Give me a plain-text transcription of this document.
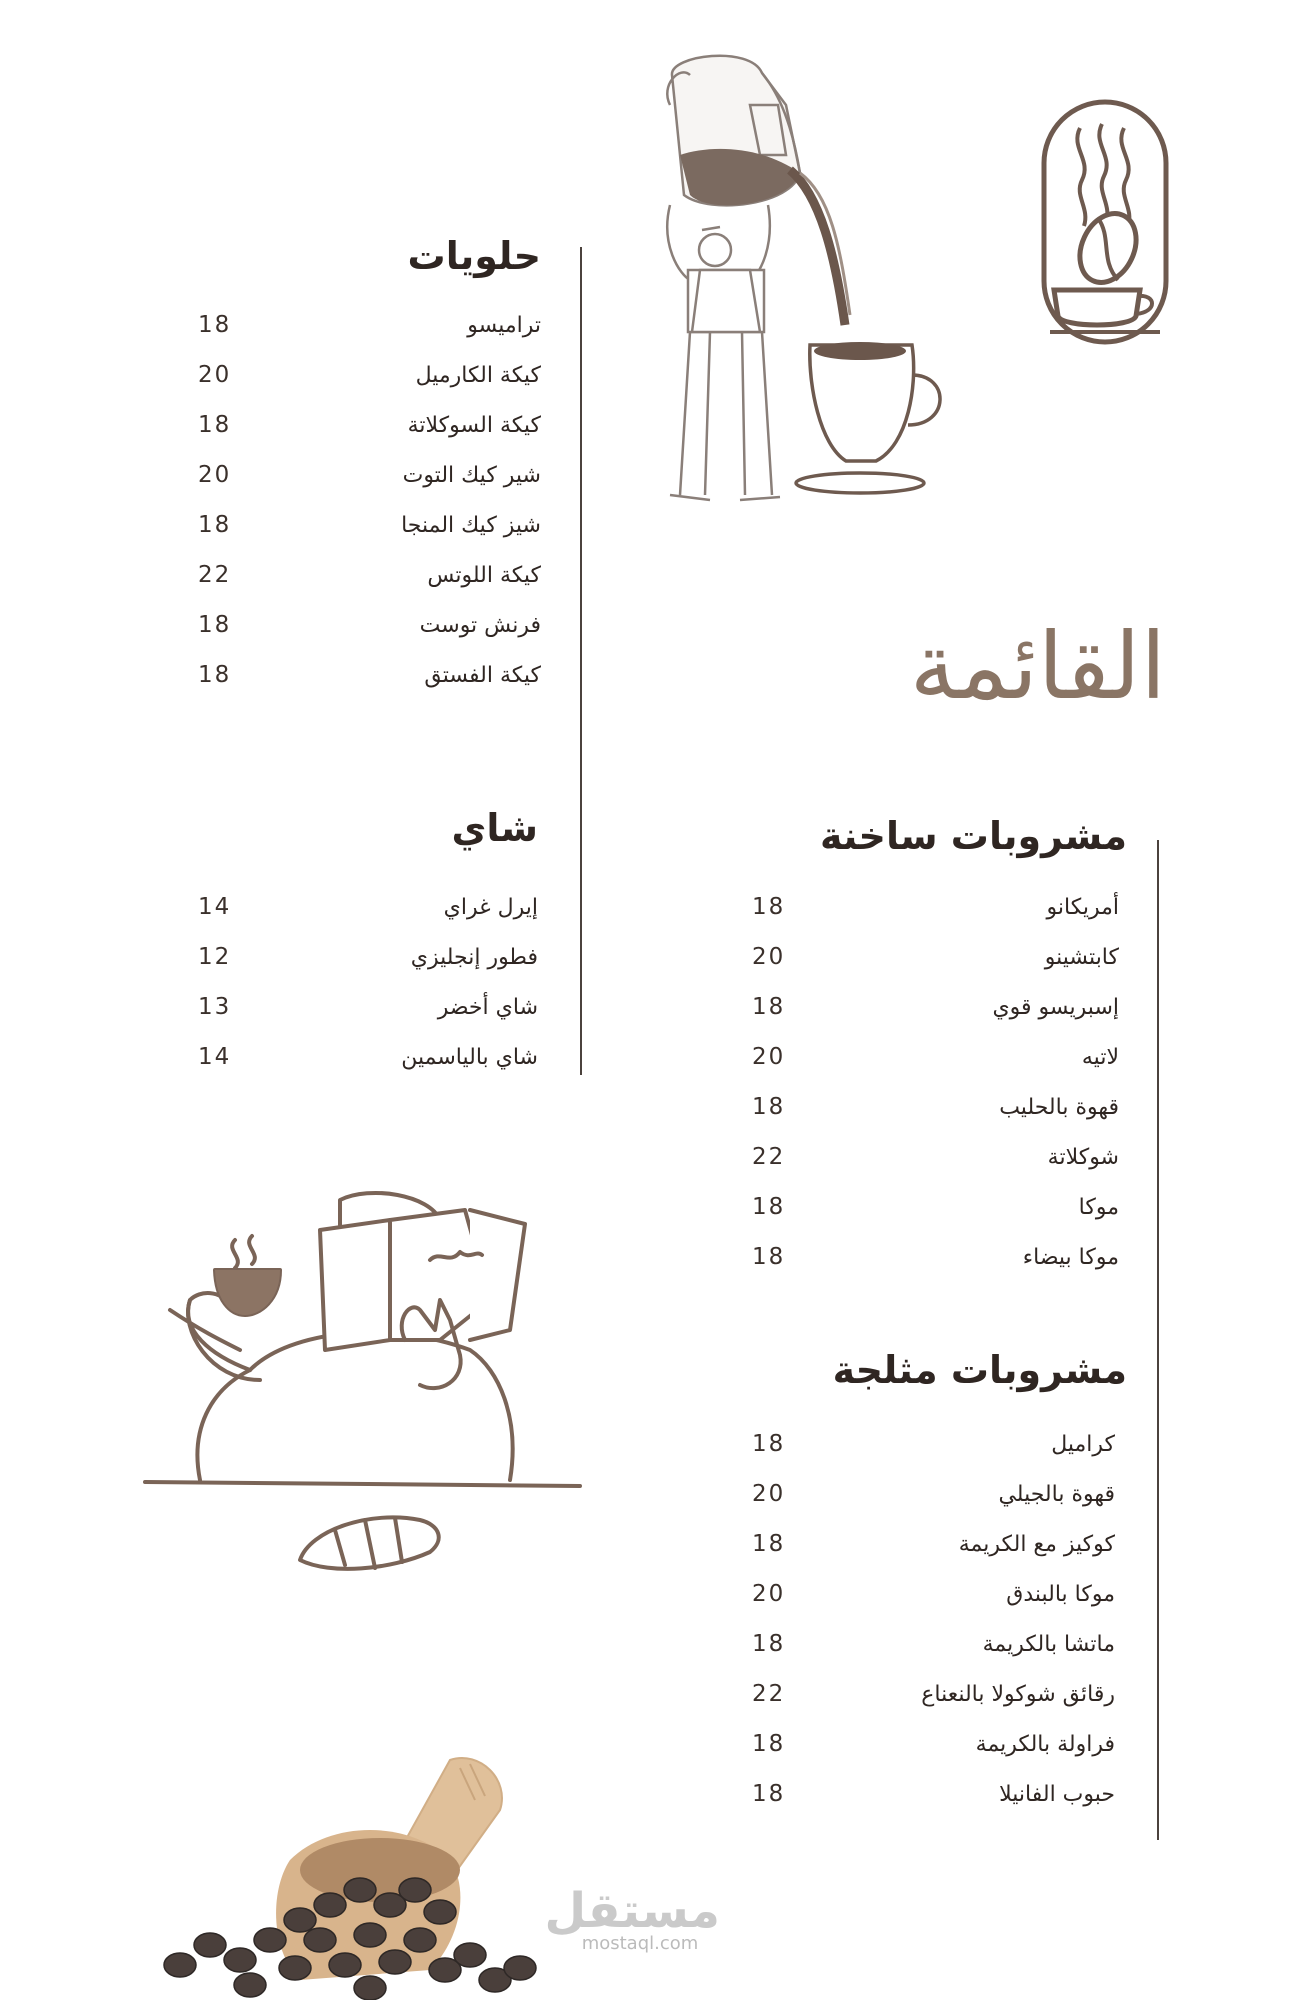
القائمة
حلويات
18	تراميسو
20	كيكة الكارميل
18	كيكة السوكلاتة
20	شير كيك التوت
18	شيز كيك المنجا
22	كيكة اللوتس
18	فرنش توست
18	كيكة الفستق
شاي
14	إيرل غراي
12	فطور إنجليزي
13	شاي أخضر
14	شاي بالياسمين
مشروبات ساخنة
18	أمريكانو
20	كابتشينو
18	إسبريسو قوي
20	لاتيه
18	قهوة بالحليب
22	شوكلاتة
18	موكا
18	موكا بيضاء
مشروبات مثلجة
18	كراميل
20	قهوة بالجيلي
18	كوكيز مع الكريمة
20	موكا بالبندق
18	ماتشا بالكريمة
22	رقائق شوكولا بالنعناع
18	فراولة بالكريمة
18	حبوب الفانيلا
مستقل
mostaql.com
